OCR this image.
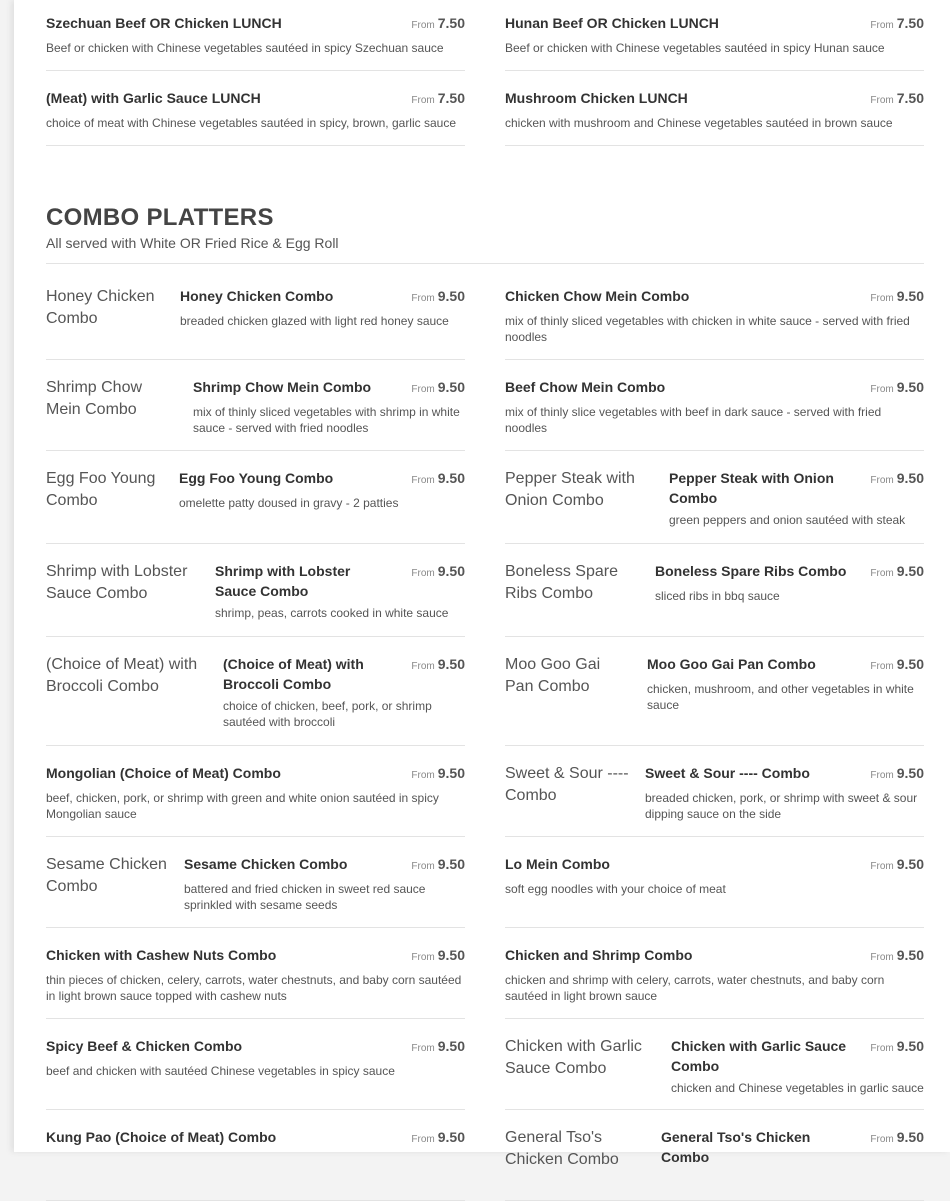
Szechuan Beef OR Chicken LUNCH	From 7.50
Beef or chicken with Chinese vegetables sautéed in spicy Szechuan sauce
Hunan Beef OR Chicken LUNCH	From 7.50
Beef or chicken with Chinese vegetables sautéed in spicy Hunan sauce
(Meat) with Garlic Sauce LUNCH	From 7.50
choice of meat with Chinese vegetables sautéed in spicy, brown, garlic sauce
Mushroom Chicken LUNCH	From 7.50
chicken with mushroom and Chinese vegetables sautéed in brown sauce
COMBO PLATTERS
All served with White OR Fried Rice & Egg Roll
Honey Chicken Combo
Honey Chicken Combo	From 9.50
breaded chicken glazed with light red honey sauce
Chicken Chow Mein Combo	From 9.50
mix of thinly sliced vegetables with chicken in white sauce - served with fried noodles
Shrimp Chow Mein Combo
Shrimp Chow Mein Combo	From 9.50
mix of thinly sliced vegetables with shrimp in white sauce - served with fried noodles
Beef Chow Mein Combo	From 9.50
mix of thinly slice vegetables with beef in dark sauce - served with fried noodles
Egg Foo Young Combo
Egg Foo Young Combo	From 9.50
omelette patty doused in gravy - 2 patties
Pepper Steak with Onion Combo
Pepper Steak with Onion Combo
From 9.50
green peppers and onion sautéed with steak
Shrimp with Lobster Sauce Combo
Shrimp with Lobster Sauce Combo
From 9.50
shrimp, peas, carrots cooked in white sauce
Boneless Spare Ribs Combo
Boneless Spare Ribs Combo	From 9.50
sliced ribs in bbq sauce
(Choice of Meat) with Broccoli Combo
(Choice of Meat) with Broccoli Combo
From 9.50
choice of chicken, beef, pork, or shrimp sautéed with broccoli
Moo Goo Gai Pan Combo
Moo Goo Gai Pan Combo	From 9.50
chicken, mushroom, and other vegetables in white sauce
Mongolian (Choice of Meat) Combo	From 9.50
beef, chicken, pork, or shrimp with green and white onion sautéed in spicy Mongolian sauce
Sweet & Sour ---- Combo
Sweet & Sour ---- Combo	From 9.50
breaded chicken, pork, or shrimp with sweet & sour dipping sauce on the side
Sesame Chicken Combo
Sesame Chicken Combo	From 9.50
battered and fried chicken in sweet red sauce sprinkled with sesame seeds
Lo Mein Combo	From 9.50
soft egg noodles with your choice of meat
Chicken with Cashew Nuts Combo	From 9.50
thin pieces of chicken, celery, carrots, water chestnuts, and baby corn sautéed in light brown sauce topped with cashew nuts
Chicken and Shrimp Combo	From 9.50
chicken and shrimp with celery, carrots, water chestnuts, and baby corn sautéed in light brown sauce
Spicy Beef & Chicken Combo	From 9.50
beef and chicken with sautéed Chinese vegetables in spicy sauce
Chicken with Garlic Sauce Combo
Chicken with Garlic Sauce Combo
From 9.50
chicken and Chinese vegetables in garlic sauce
Kung Pao (Choice of Meat) Combo	From 9.50	General Tso's Chicken Combo
General Tso's Chicken Combo
From 9.50
